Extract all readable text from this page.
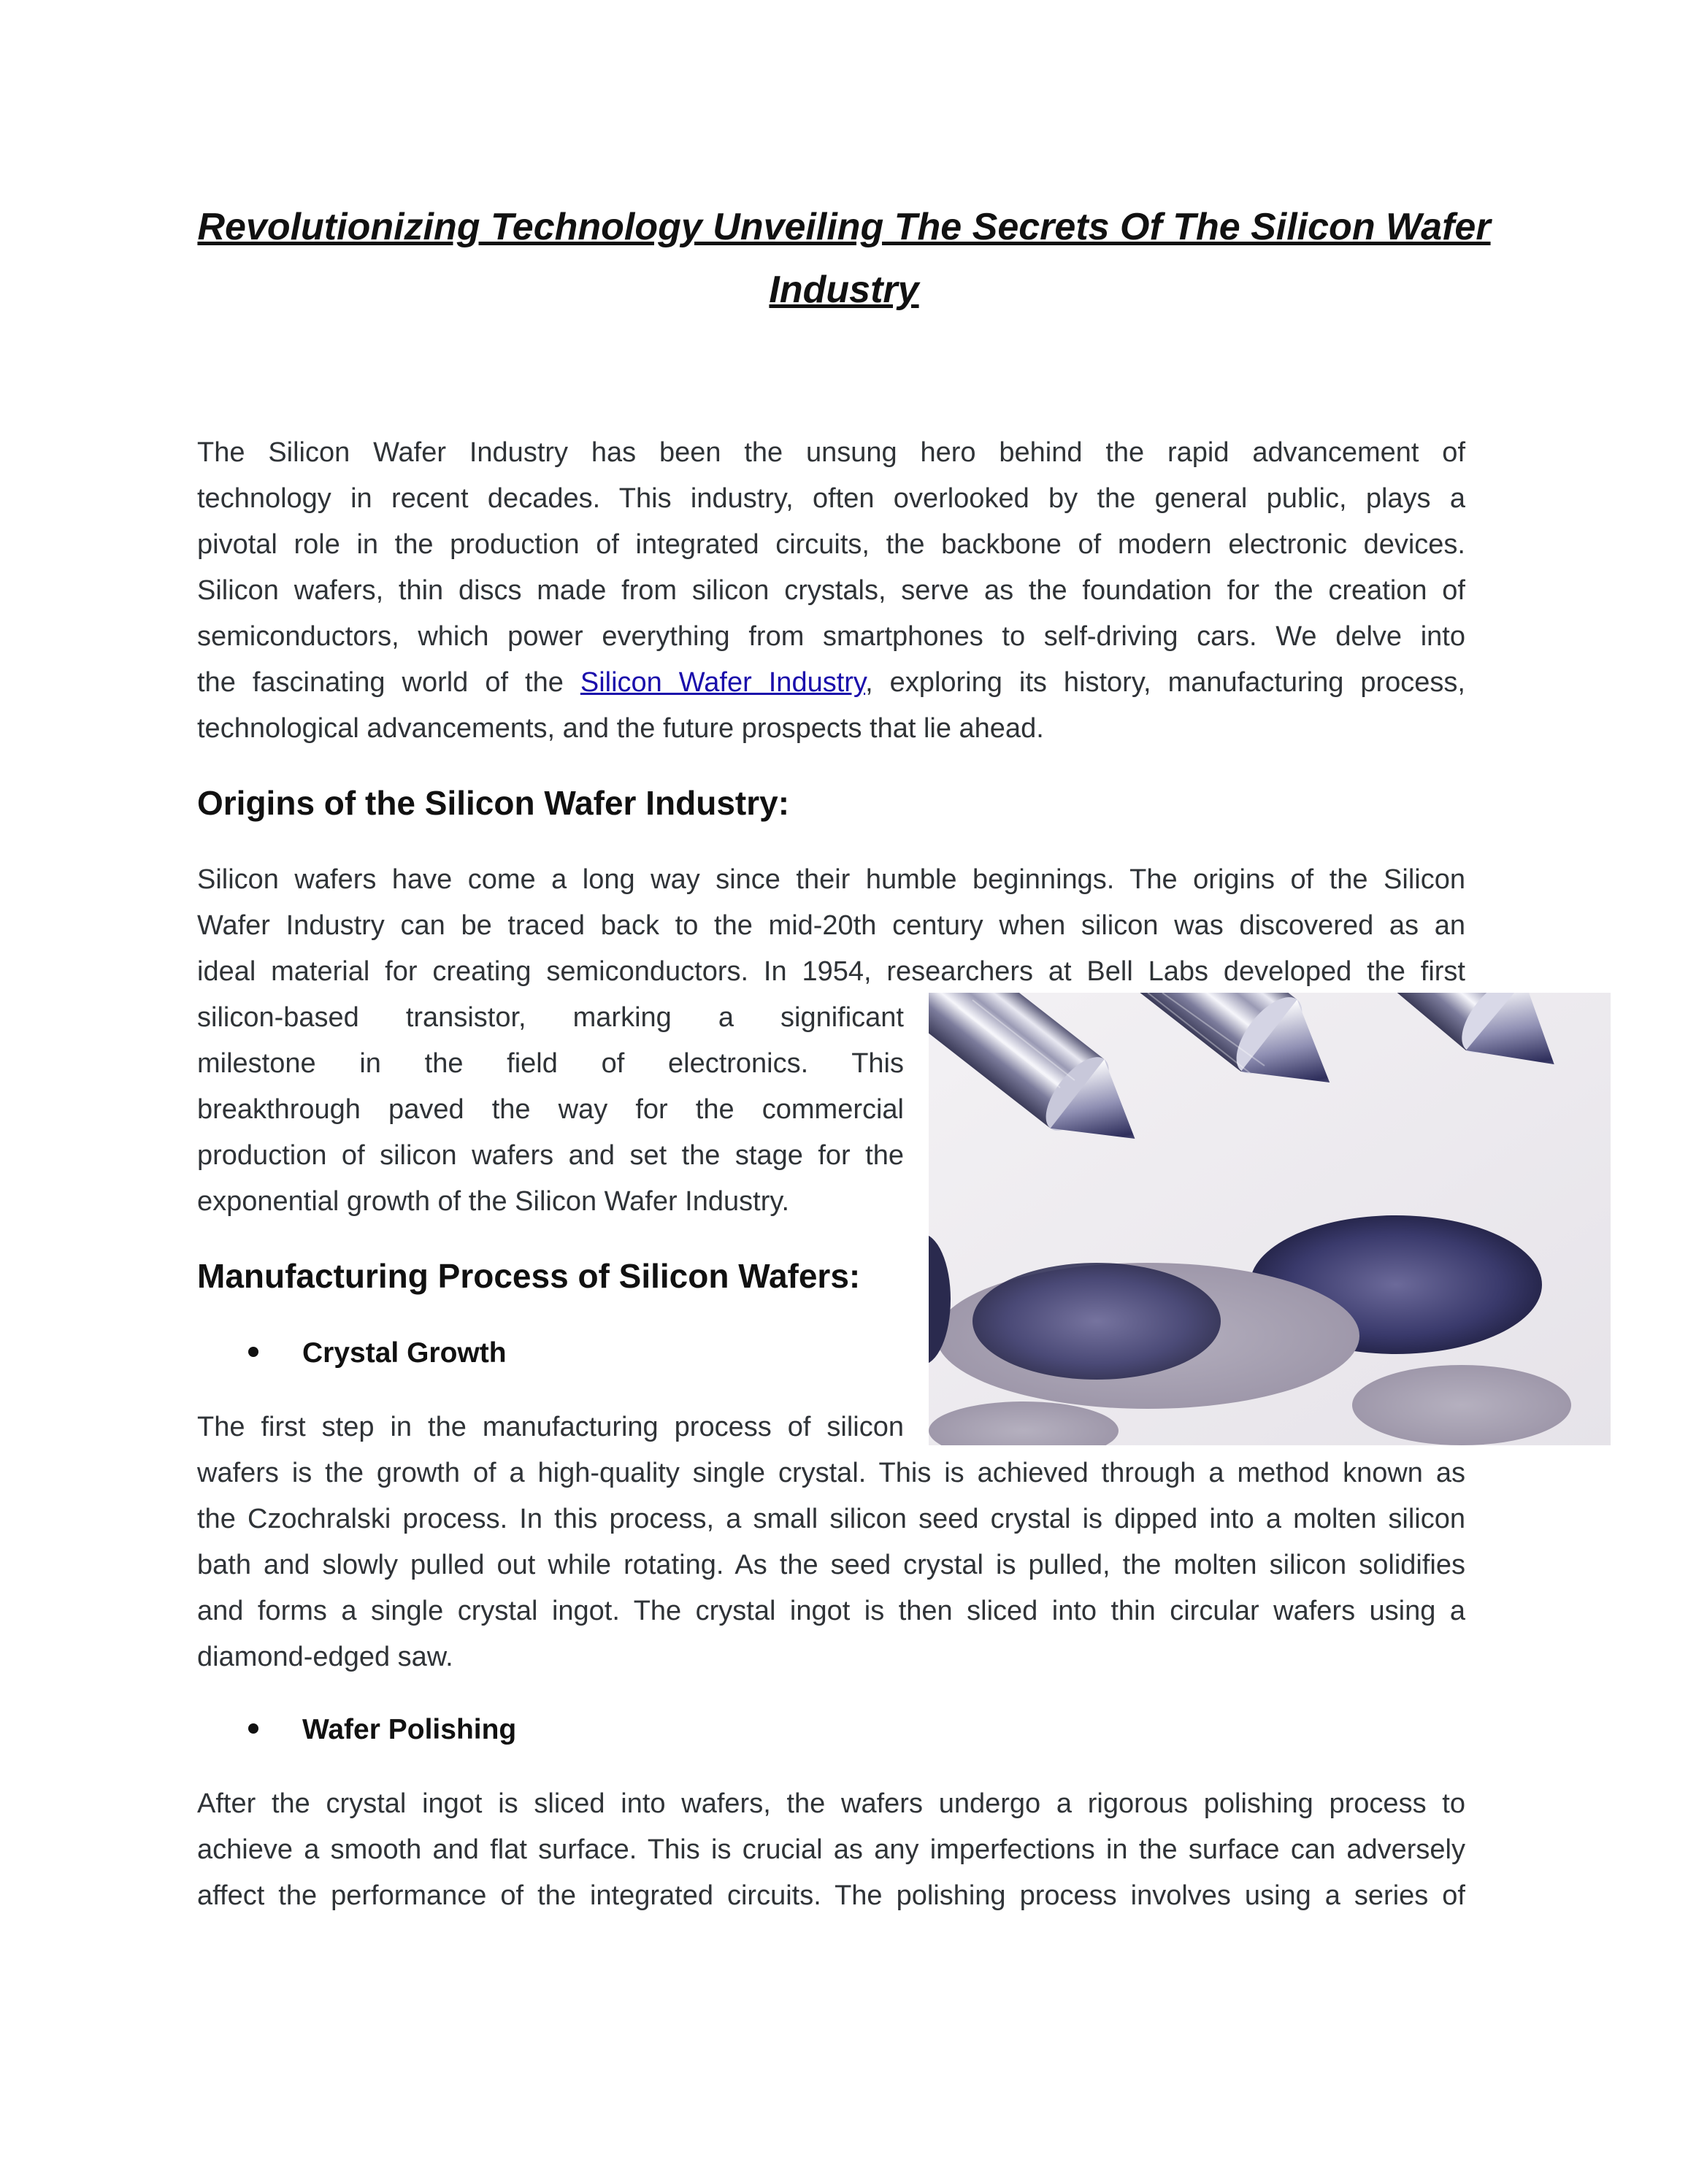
Revolutionizing Technology Unveiling The Secrets Of The Silicon Wafer
Industry
The Silicon Wafer Industry has been the unsung hero behind the rapid advancement of
technology in recent decades. This industry, often overlooked by the general public, plays a
pivotal role in the production of integrated circuits, the backbone of modern electronic devices.
Silicon wafers, thin discs made from silicon crystals, serve as the foundation for the creation of
semiconductors, which power everything from smartphones to self-driving cars. We delve into
the fascinating world of the Silicon Wafer Industry, exploring its history, manufacturing process,
technological advancements, and the future prospects that lie ahead.
Origins of the Silicon Wafer Industry:
Silicon wafers have come a long way since their humble beginnings. The origins of the Silicon
Wafer Industry can be traced back to the mid-20th century when silicon was discovered as an
ideal material for creating semiconductors. In 1954, researchers at Bell Labs developed the first
silicon-based transistor, marking a significant
milestone in the field of electronics. This
breakthrough paved the way for the commercial
production of silicon wafers and set the stage for the
exponential growth of the Silicon Wafer Industry.
Manufacturing Process of Silicon Wafers:
Crystal Growth
The first step in the manufacturing process of silicon
wafers is the growth of a high-quality single crystal. This is achieved through a method known as
the Czochralski process. In this process, a small silicon seed crystal is dipped into a molten silicon
bath and slowly pulled out while rotating. As the seed crystal is pulled, the molten silicon solidifies
and forms a single crystal ingot. The crystal ingot is then sliced into thin circular wafers using a
diamond-edged saw.
Wafer Polishing
After the crystal ingot is sliced into wafers, the wafers undergo a rigorous polishing process to
achieve a smooth and flat surface. This is crucial as any imperfections in the surface can adversely
affect the performance of the integrated circuits. The polishing process involves using a series of
